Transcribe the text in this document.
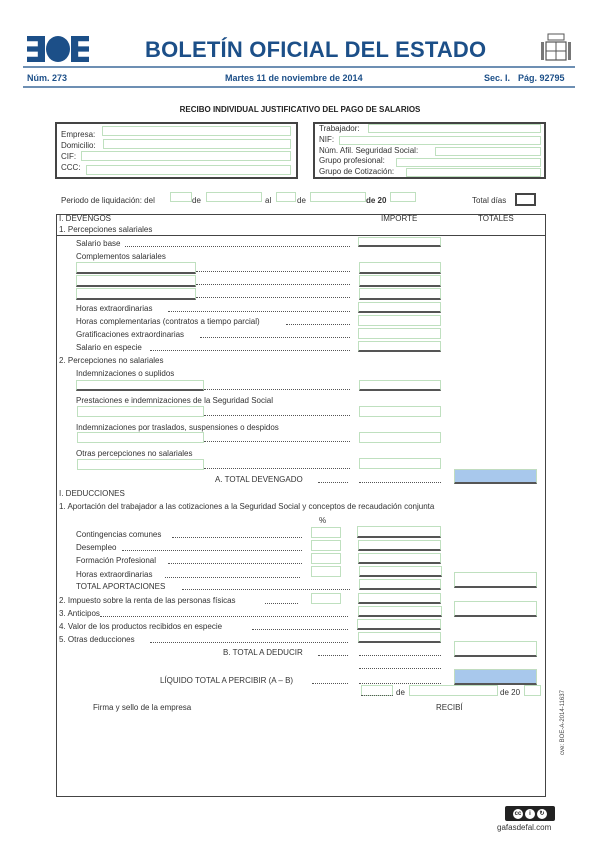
BOLETÍN OFICIAL DEL ESTADO
Núm. 273	Martes 11 de noviembre de 2014	Sec. I. Pág. 92795
RECIBO INDIVIDUAL JUSTIFICATIVO DEL PAGO DE SALARIOS
Empresa:
Domicilio:
CIF:
CCC:
Trabajador:
NIF:
Núm. Afil. Seguridad Social:
Grupo profesional:
Grupo de Cotización:
Periodo de liquidación: del	de	al	de	de 20	Total días
I. DEVENGOS	IMPORTE	TOTALES
1. Percepciones salariales
Salario base
Complementos salariales
Horas extraordinarias
Horas complementarias (contratos a tiempo parcial)
Gratificaciones extraordinarias
Salario en especie
2. Percepciones no salariales
Indemnizaciones o suplidos
Prestaciones e indemnizaciones de la Seguridad Social
Indemnizaciones por traslados, suspensiones o despidos
Otras percepciones no salariales
A. TOTAL DEVENGADO
I. DEDUCCIONES
1. Aportación del trabajador a las cotizaciones a la Seguridad Social y conceptos de recaudación conjunta
%
Contingencias comunes
Desempleo
Formación Profesional
Horas extraordinarias
TOTAL APORTACIONES
2. Impuesto sobre la renta de las personas físicas
3. Anticipos
4. Valor de los productos recibidos en especie
5. Otras deducciones
B. TOTAL A DEDUCIR
LÍQUIDO TOTAL A PERCIBIR (A – B)
de	de 20
Firma y sello de la empresa	RECIBÍ	cve: BOE-A-2014-11637
cc	i	↻
gafasdefal.com
